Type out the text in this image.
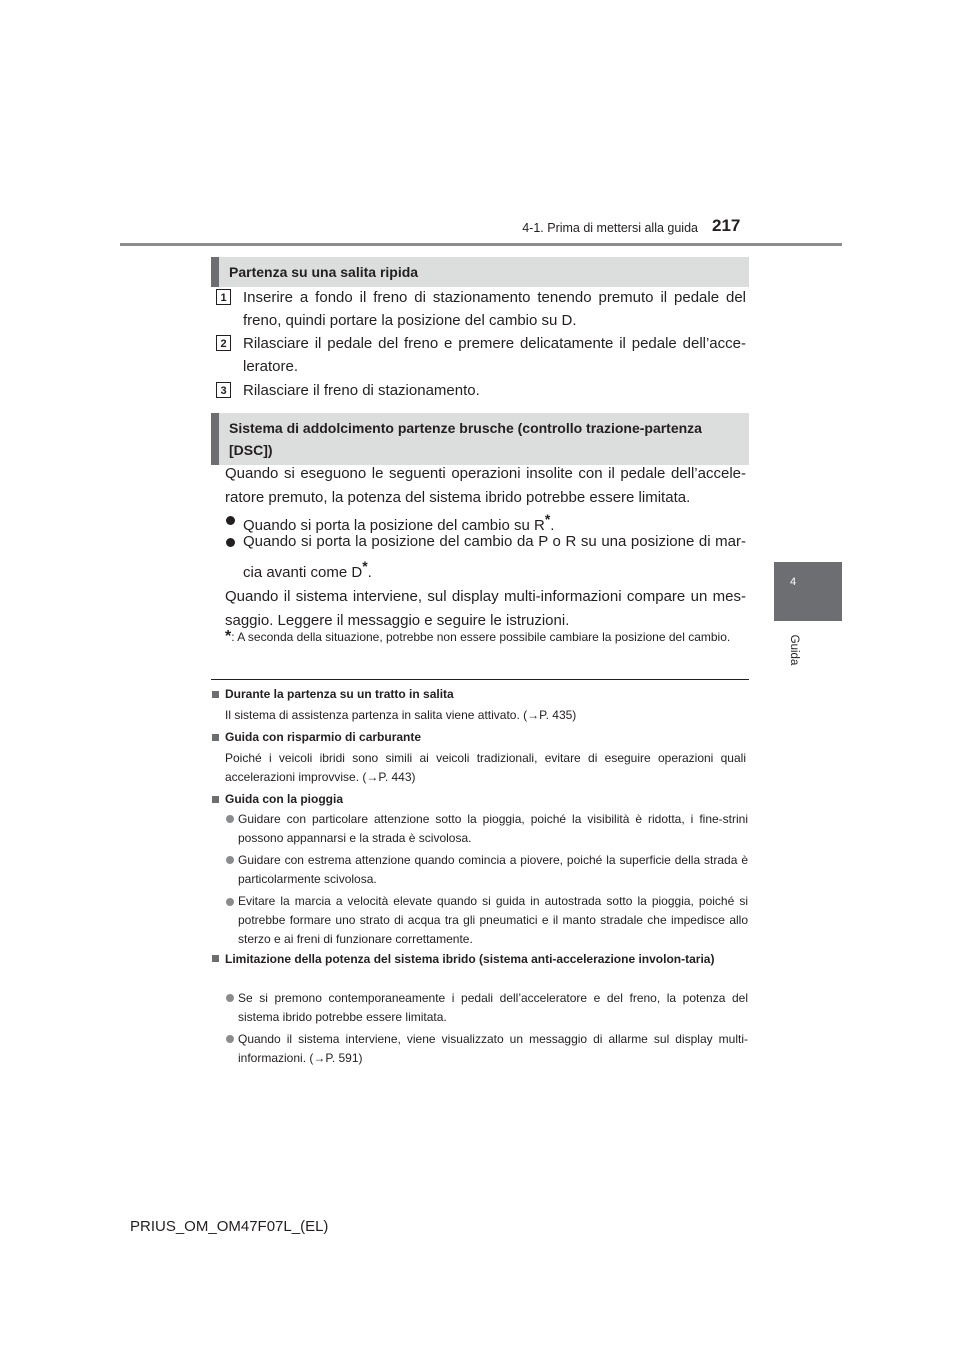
4-1. Prima di mettersi alla guida 217
4
Guida
Partenza su una salita ripida
1 Inserire a fondo il freno di stazionamento tenendo premuto il pedale del freno, quindi portare la posizione del cambio su D.
2 Rilasciare il pedale del freno e premere delicatamente il pedale dell’acce-leratore.
3 Rilasciare il freno di stazionamento.
Sistema di addolcimento partenze brusche (controllo trazione-partenza [DSC])
Quando si eseguono le seguenti operazioni insolite con il pedale dell’accele-ratore premuto, la potenza del sistema ibrido potrebbe essere limitata.
Quando si porta la posizione del cambio su R*.
Quando si porta la posizione del cambio da P o R su una posizione di mar-cia avanti come D*.
Quando il sistema interviene, sul display multi-informazioni compare un mes-saggio. Leggere il messaggio e seguire le istruzioni.
*: A seconda della situazione, potrebbe non essere possibile cambiare la posizione del cambio.
Durante la partenza su un tratto in salita
Il sistema di assistenza partenza in salita viene attivato. (→P. 435)
Guida con risparmio di carburante
Poiché i veicoli ibridi sono simili ai veicoli tradizionali, evitare di eseguire operazioni quali accelerazioni improvvise. (→P. 443)
Guida con la pioggia
Guidare con particolare attenzione sotto la pioggia, poiché la visibilità è ridotta, i fine-strini possono appannarsi e la strada è scivolosa.
Guidare con estrema attenzione quando comincia a piovere, poiché la superficie della strada è particolarmente scivolosa.
Evitare la marcia a velocità elevate quando si guida in autostrada sotto la pioggia, poiché si potrebbe formare uno strato di acqua tra gli pneumatici e il manto stradale che impedisce allo sterzo e ai freni di funzionare correttamente.
Limitazione della potenza del sistema ibrido (sistema anti-accelerazione involon-taria)
Se si premono contemporaneamente i pedali dell’acceleratore e del freno, la potenza del sistema ibrido potrebbe essere limitata.
Quando il sistema interviene, viene visualizzato un messaggio di allarme sul display multi-informazioni. (→P. 591)
PRIUS_OM_OM47F07L_(EL)
